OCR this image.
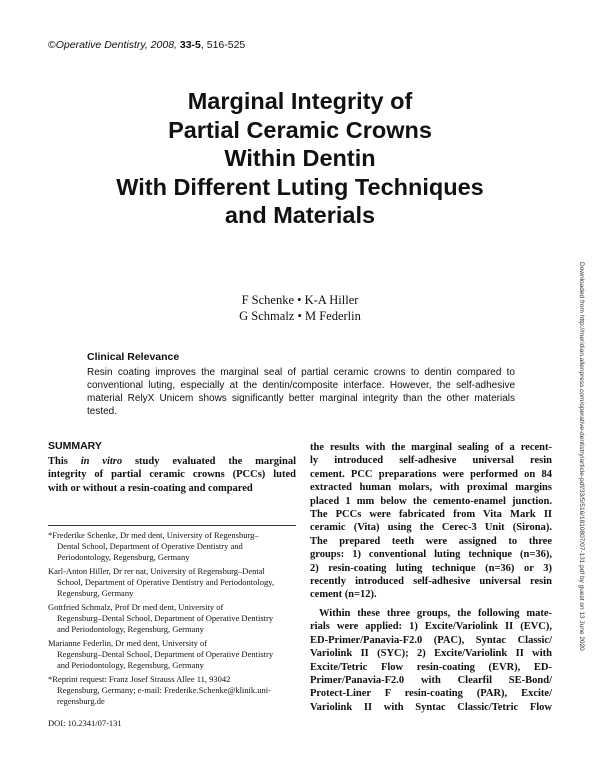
©Operative Dentistry, 2008, 33-5, 516-525
Marginal Integrity of
Partial Ceramic Crowns
Within Dentin
With Different Luting Techniques
and Materials
F Schenke • K-A Hiller
G Schmalz • M Federlin
Clinical Relevance
Resin coating improves the marginal seal of partial ceramic crowns to dentin compared to
conventional luting, especially at the dentin/composite interface. However, the self-adhesive
material RelyX Unicem shows significantly better marginal integrity than the other materials
tested.
SUMMARY
This in vitro study evaluated the marginal
integrity of partial ceramic crowns (PCCs) luted
with or without a resin-coating and compared
*Frederike Schenke, Dr med dent, University of Regensburg–
Dental School, Department of Operative Dentistry and
Periodontology, Regensburg, Germany
Karl-Anton Hiller, Dr rer nat, University of Regensburg–Dental
School, Department of Operative Dentistry and Periodontology,
Regensburg, Germany
Gottfried Schmalz, Prof Dr med dent, University of
Regensburg–Dental School, Department of Operative Dentistry
and Periodontology, Regensburg, Germany
Marianne Federlin, Dr med dent, University of
Regensburg–Dental School, Department of Operative Dentistry
and Periodontology, Regensburg, Germany
*Reprint request: Franz Josef Strauss Allee 11, 93042
Regensburg, Germany; e-mail: Frederike.Schenke@klinik.uni-
regensburg.de
DOI: 10.2341/07-131
the results with the marginal sealing of a recent-
ly introduced self-adhesive universal resin
cement. PCC preparations were performed on 84
extracted human molars, with proximal margins
placed 1 mm below the cemento-enamel junction.
The PCCs were fabricated from Vita Mark II
ceramic (Vita) using the Cerec-3 Unit (Sirona).
The prepared teeth were assigned to three
groups: 1) conventional luting technique (n=36),
2) resin-coating luting technique (n=36) or 3)
recently introduced self-adhesive universal resin
cement (n=12).
Within these three groups, the following mate-
rials were applied: 1) Excite/Variolink II (EVC),
ED-Primer/Panavia-F2.0 (PAC), Syntac Classic/
Variolink II (SYC); 2) Excite/Variolink II with
Excite/Tetric Flow resin-coating (EVR), ED-
Primer/Panavia-F2.0 with Clearfil SE-Bond/
Protect-Liner F resin-coating (PAR), Excite/
Variolink II with Syntac Classic/Tetric Flow
Downloaded from http://meridian.allenpress.com/operative-dentistry/article-pdf/33/5/516/1810807/07-131.pdf by guest on 13 June 2020
